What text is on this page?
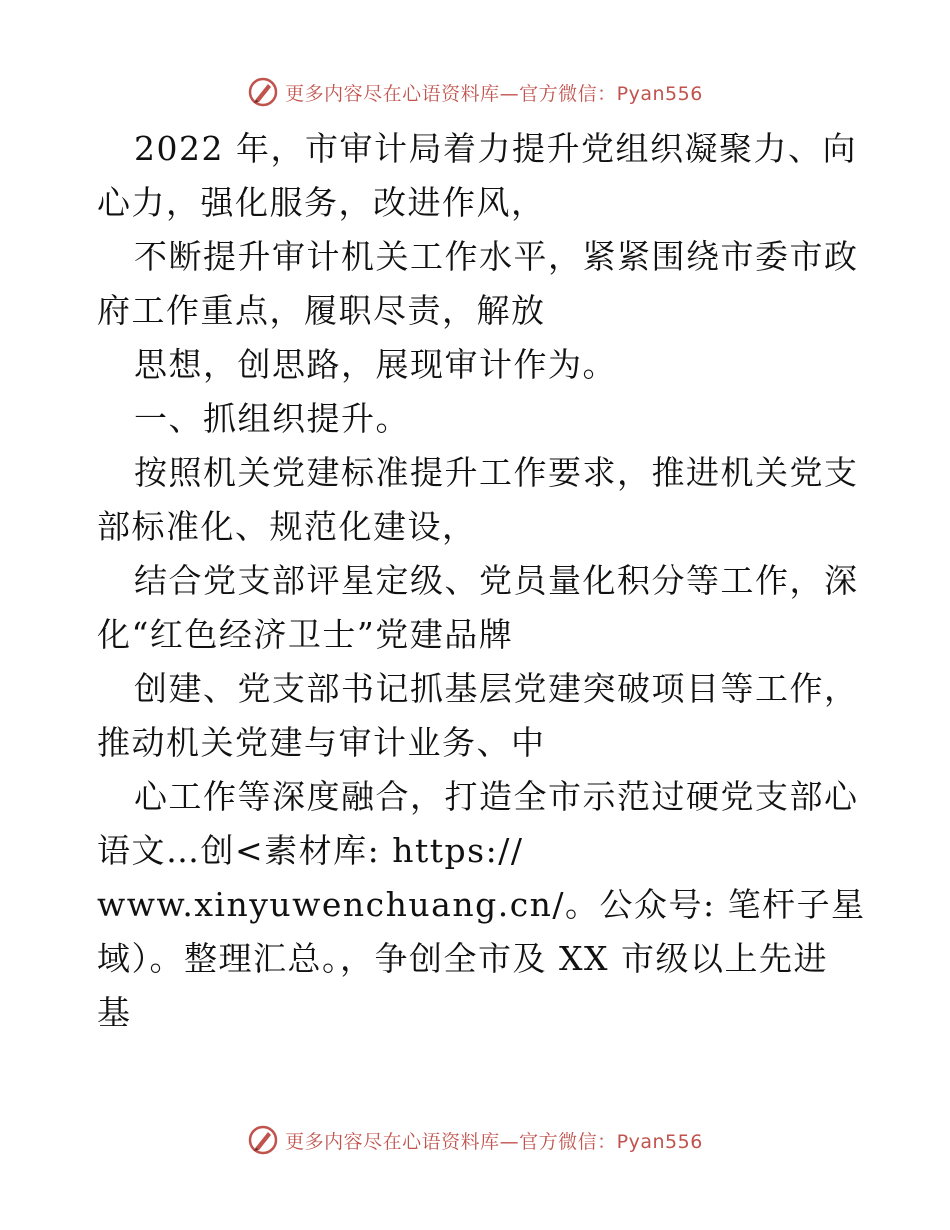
更多内容尽在心语资料库—官方微信：Pyan556
2022 年，市审计局着力提升党组织凝聚力、向
心力，强化服务，改进作风，
不断提升审计机关工作水平，紧紧围绕市委市政
府工作重点，履职尽责，解放
思想，创思路，展现审计作为。
一、抓组织提升。
按照机关党建标准提升工作要求，推进机关党支
部标准化、规范化建设，
结合党支部评星定级、党员量化积分等工作，深
化“红色经济卫士”党建品牌
创建、党支部书记抓基层党建突破项目等工作，
推动机关党建与审计业务、中
心工作等深度融合，打造全市示范过硬党支部心
语文…创<素材库: https://
www.xinyuwenchuang.cn/。公众号: 笔杆子星
域）。整理汇总。，争创全市及 XX 市级以上先进
基
更多内容尽在心语资料库—官方微信：Pyan556
